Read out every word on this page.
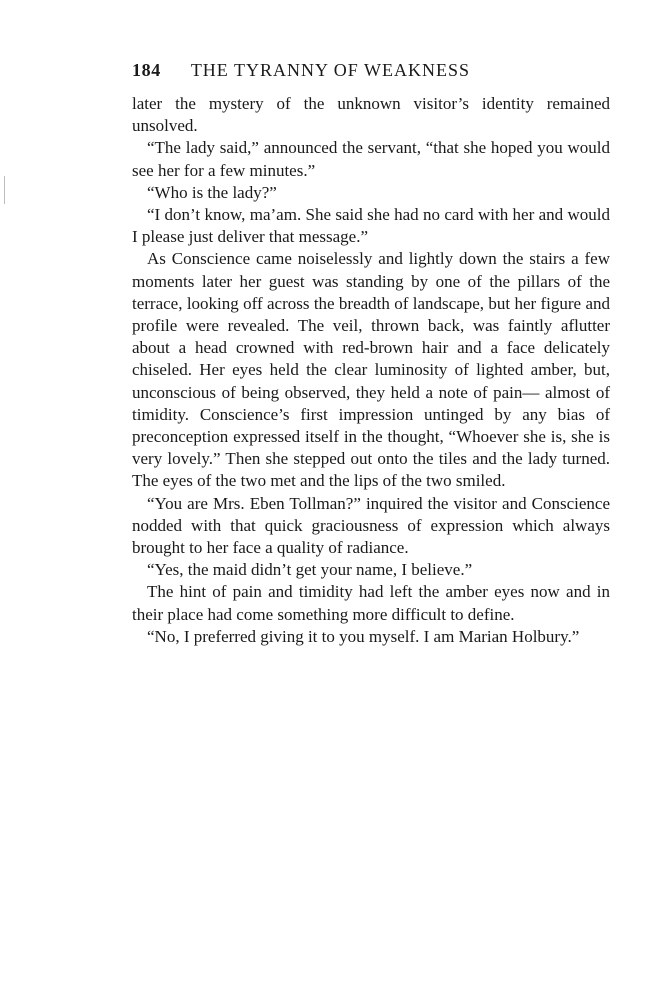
184 THE TYRANNY OF WEAKNESS

later the mystery of the unknown visitor’s identity remained unsolved.

“The lady said,” announced the servant, “that she hoped you would see her for a few minutes.”

“Who is the lady?”

“I don’t know, ma’am. She said she had no card with her and would I please just deliver that message.”

As Conscience came noiselessly and lightly down the stairs a few moments later her guest was standing by one of the pillars of the terrace, looking off across the breadth of landscape, but her figure and profile were revealed. The veil, thrown back, was faintly aflutter about a head crowned with red-brown hair and a face delicately chiseled. Her eyes held the clear luminosity of lighted amber, but, unconscious of being observed, they held a note of pain— almost of timidity. Conscience’s first impression untinged by any bias of preconception expressed itself in the thought, “Whoever she is, she is very lovely.” Then she stepped out onto the tiles and the lady turned. The eyes of the two met and the lips of the two smiled.

“You are Mrs. Eben Tollman?” inquired the visitor and Conscience nodded with that quick graciousness of expression which always brought to her face a quality of radiance.

“Yes, the maid didn’t get your name, I believe.”

The hint of pain and timidity had left the amber eyes now and in their place had come something more difficult to define.

“No, I preferred giving it to you myself. I am Marian Holbury.”
